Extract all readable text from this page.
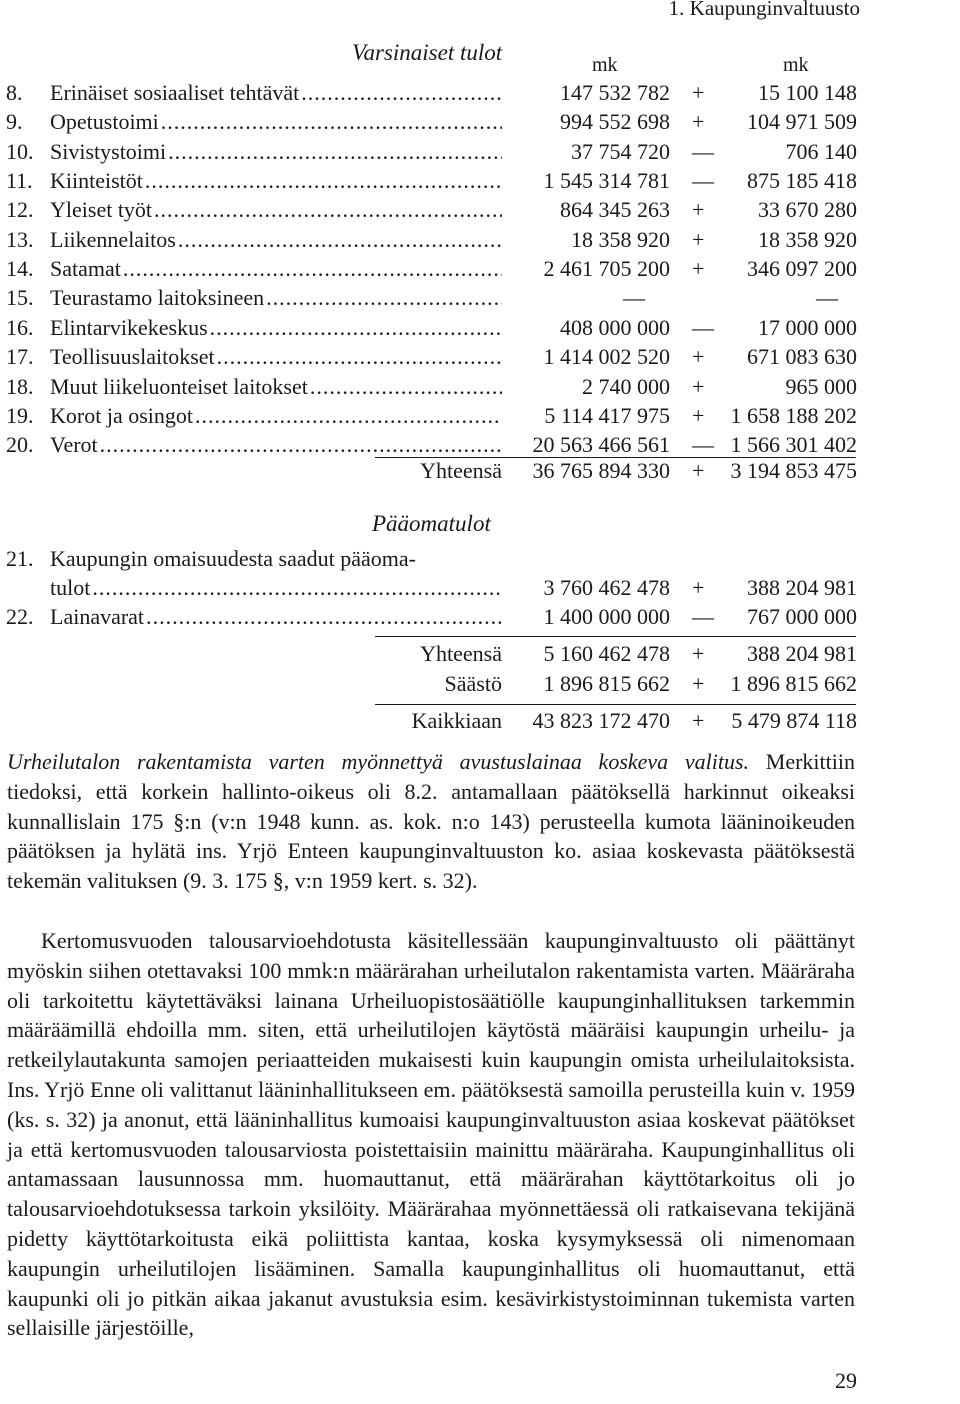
1. Kaupunginvaltuusto
Varsinaiset tulot	mk	mk
8. Erinäiset sosiaaliset tehtävät .....	147 532 782 + 15 100 148
9. Opetustoimi .....	994 552 698 + 104 971 509
10. Sivistystoimi .....	37 754 720 —	706 140
11. Kiinteistöt .....	1 545 314 781 — 875 185 418
12. Yleiset työt .....	864 345 263 + 33 670 280
13. Liikennelaitos .....	18 358 920 + 18 358 920
14. Satamat .....	2 461 705 200 + 346 097 200
15. Teurastamo laitoksineen .....	—	—
16. Elintarvikekeskus .....	408 000 000 — 17 000 000
17. Teollisuuslaitokset .....	1 414 002 520 + 671 083 630
18. Muut liikeluonteiset laitokset .....	2 740 000 +	965 000
19. Korot ja osingot .....	5 114 417 975 + 1 658 188 202
20. Verot .....	20 563 466 561 — 1 566 301 402
Yhteensä 36 765 894 330 + 3 194 853 475
Pääomatulot
21. Kaupungin omaisuudesta saadut pääoma-
tulot .....	3 760 462 478 + 388 204 981
22. Lainavarat .....	1 400 000 000 — 767 000 000
Yhteensä 5 160 462 478 + 388 204 981
Säästö 1 896 815 662 + 1 896 815 662
Kaikkiaan 43 823 172 470 + 5 479 874 118
Urheilutalon rakentamista varten myönnettyä avustuslainaa koskeva valitus. Merkittiin tiedoksi, että korkein hallinto-oikeus oli 8.2. antamallaan päätöksellä harkinnut oikeaksi kunnallislain 175 §:n (v:n 1948 kunn. as. kok. n:o 143) perusteella kumota lääninoikeuden päätöksen ja hylätä ins. Yrjö Enteen kaupunginvaltuuston ko. asiaa koskevasta päätöksestä tekemän valituksen (9. 3. 175 §, v:n 1959 kert. s. 32).
Kertomusvuoden talousarvioehdotusta käsitellessään kaupunginvaltuusto oli päättänyt myöskin siihen otettavaksi 100 mmk:n määrärahan urheilutalon rakentamista varten. Määräraha oli tarkoitettu käytettäväksi lainana Urheiluopistosäätiölle kaupunginhallituksen tarkemmin määräämillä ehdoilla mm. siten, että urheilutilojen käytöstä määräisi kaupungin urheilu- ja retkeilylautakunta samojen periaatteiden mukaisesti kuin kaupungin omista urheilulaitoksista. Ins. Yrjö Enne oli valittanut lääninhallitukseen em. päätöksestä samoilla perusteilla kuin v. 1959 (ks. s. 32) ja anonut, että lääninhallitus kumoaisi kaupunginvaltuuston asiaa koskevat päätökset ja että kertomusvuoden talousarviosta poistettaisiin mainittu määräraha. Kaupunginhallitus oli antamassaan lausunnossa mm. huomauttanut, että määrärahan käyttötarkoitus oli jo talousarvioehdotuksessa tarkoin yksilöity. Määrärahaa myönnettäessä oli ratkaisevana tekijänä pidetty käyttötarkoitusta eikä poliittista kantaa, koska kysymyksessä oli nimenomaan kaupungin urheilutilojen lisääminen. Samalla kaupunginhallitus oli huomauttanut, että kaupunki oli jo pitkän aikaa jakanut avustuksia esim. kesävirkistystoiminnan tukemista varten sellaisille järjestöille,
29
